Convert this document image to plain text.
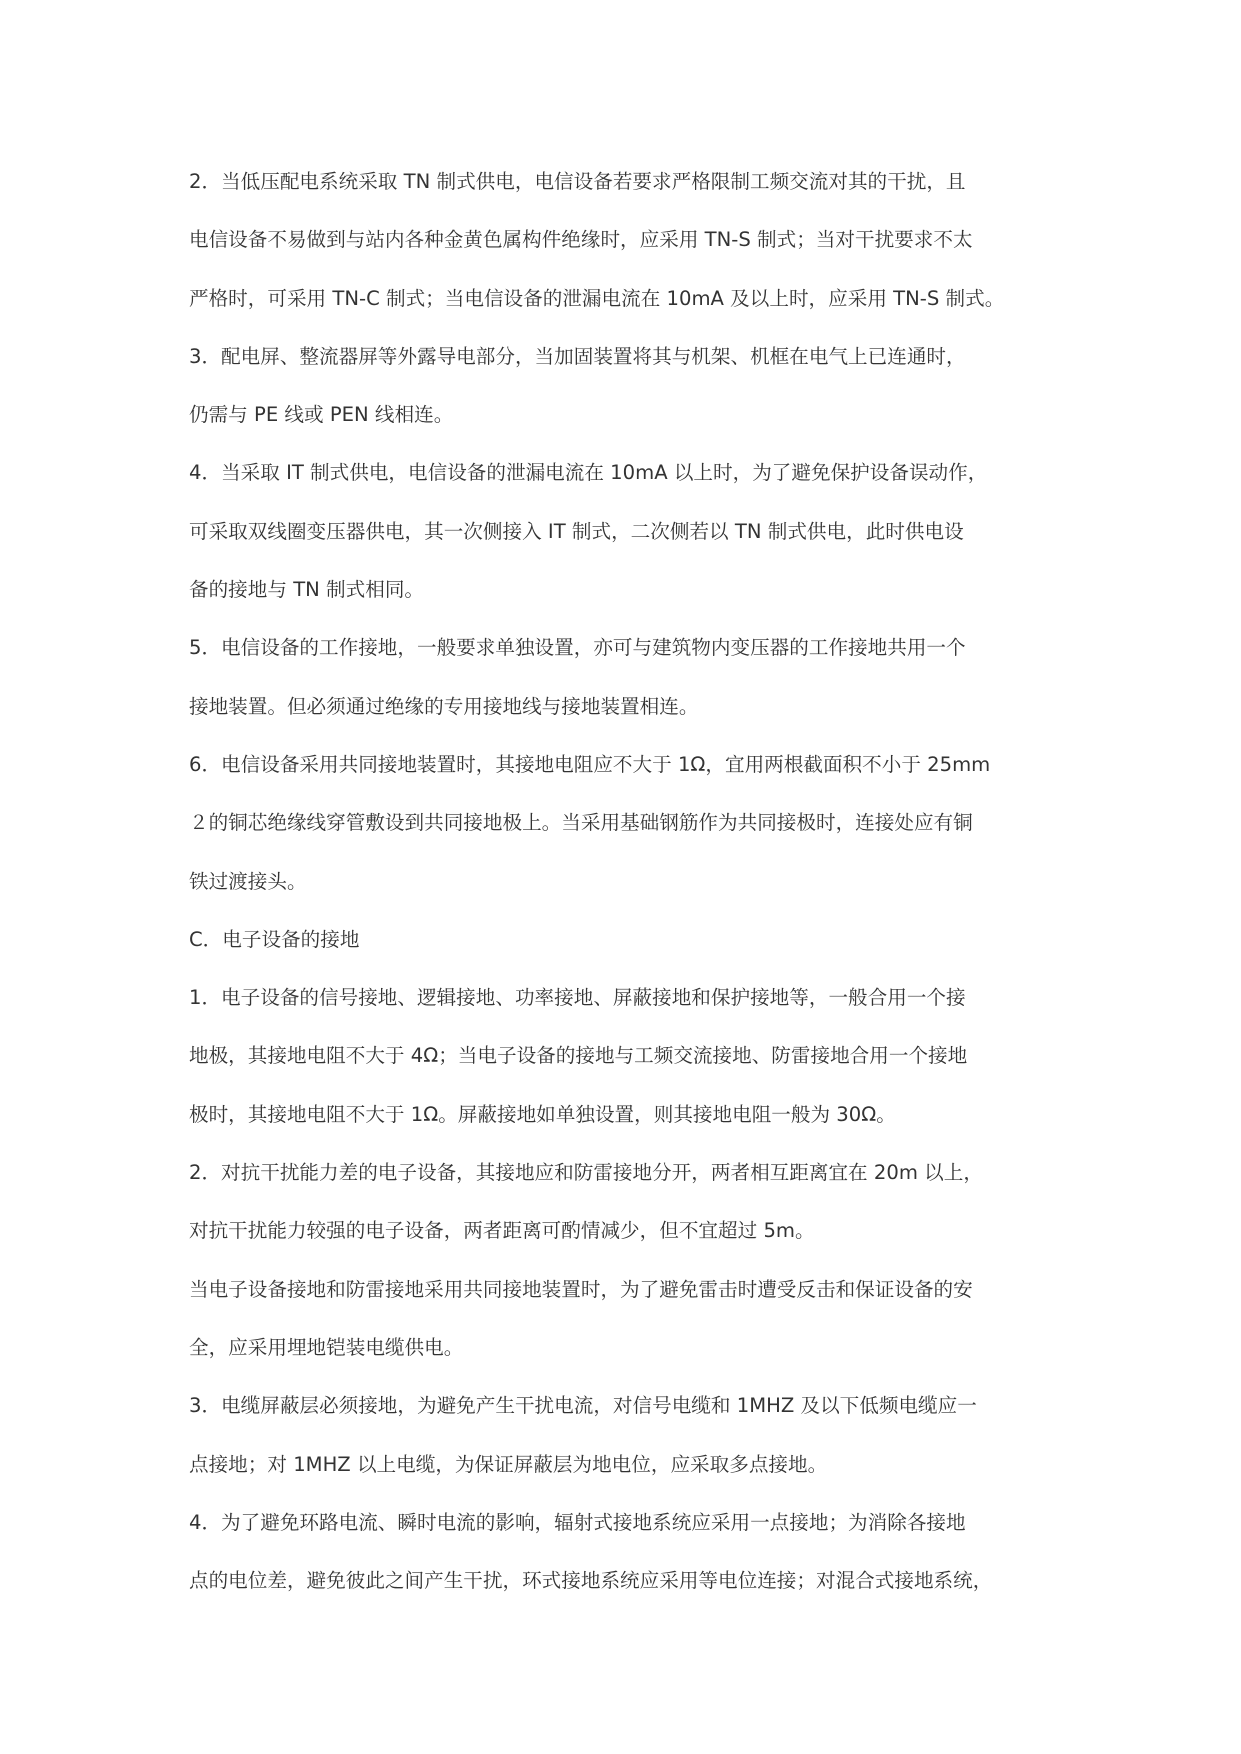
2．当低压配电系统采取 TN 制式供电，电信设备若要求严格限制工频交流对其的干扰，且
电信设备不易做到与站内各种金黄色属构件绝缘时，应采用 TN-S 制式；当对干扰要求不太
严格时，可采用 TN-C 制式；当电信设备的泄漏电流在 10mA 及以上时，应采用 TN-S 制式。
3．配电屏、整流器屏等外露导电部分，当加固装置将其与机架、机框在电气上已连通时，
仍需与 PE 线或 PEN 线相连。
4．当采取 IT 制式供电，电信设备的泄漏电流在 10mA 以上时，为了避免保护设备误动作，
可采取双线圈变压器供电，其一次侧接入 IT 制式，二次侧若以 TN 制式供电，此时供电设
备的接地与 TN 制式相同。
5．电信设备的工作接地，一般要求单独设置，亦可与建筑物内变压器的工作接地共用一个
接地装置。但必须通过绝缘的专用接地线与接地装置相连。
6．电信设备采用共同接地装置时，其接地电阻应不大于 1Ω，宜用两根截面积不小于 25mm
２的铜芯绝缘线穿管敷设到共同接地极上。当采用基础钢筋作为共同接极时，连接处应有铜
铁过渡接头。
C．电子设备的接地
1．电子设备的信号接地、逻辑接地、功率接地、屏蔽接地和保护接地等，一般合用一个接
地极，其接地电阻不大于 4Ω；当电子设备的接地与工频交流接地、防雷接地合用一个接地
极时，其接地电阻不大于 1Ω。屏蔽接地如单独设置，则其接地电阻一般为 30Ω。
2．对抗干扰能力差的电子设备，其接地应和防雷接地分开，两者相互距离宜在 20m 以上，
对抗干扰能力较强的电子设备，两者距离可酌情减少，但不宜超过 5m。
当电子设备接地和防雷接地采用共同接地装置时，为了避免雷击时遭受反击和保证设备的安
全，应采用埋地铠装电缆供电。
3．电缆屏蔽层必须接地，为避免产生干扰电流，对信号电缆和 1MHZ 及以下低频电缆应一
点接地；对 1MHZ 以上电缆，为保证屏蔽层为地电位，应采取多点接地。
4．为了避免环路电流、瞬时电流的影响，辐射式接地系统应采用一点接地；为消除各接地
点的电位差，避免彼此之间产生干扰，环式接地系统应采用等电位连接；对混合式接地系统，
